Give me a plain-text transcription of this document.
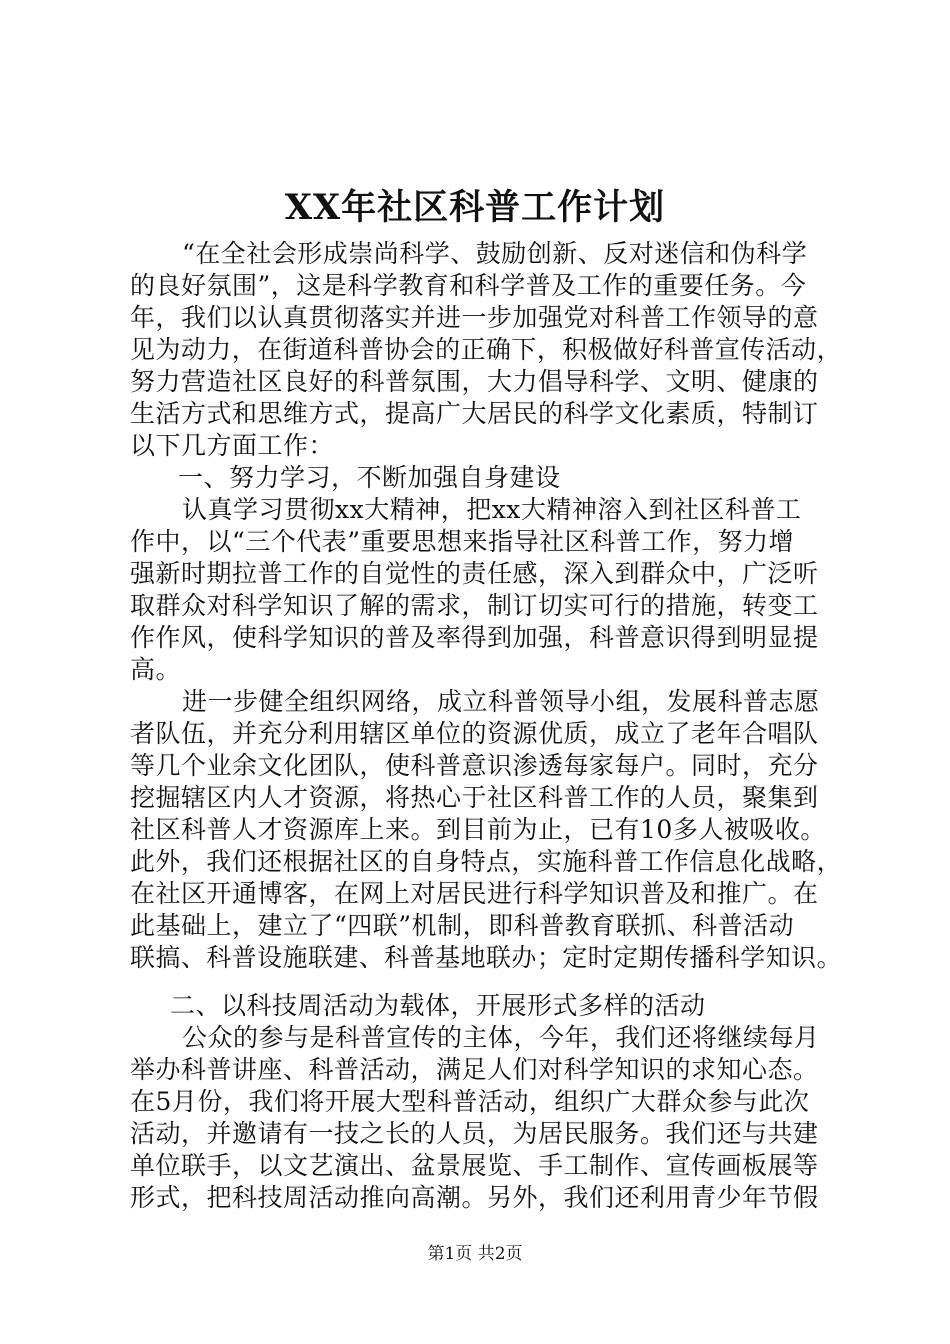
XX年社区科普工作计划
“在全社会形成崇尚科学、鼓励创新、反对迷信和伪科学
的良好氛围”，这是科学教育和科学普及工作的重要任务。今
年，我们以认真贯彻落实并进一步加强党对科普工作领导的意
见为动力，在街道科普协会的正确下，积极做好科普宣传活动，
努力营造社区良好的科普氛围，大力倡导科学、文明、健康的
生活方式和思维方式，提高广大居民的科学文化素质，特制订
以下几方面工作：
一、努力学习，不断加强自身建设
认真学习贯彻xx大精神，把xx大精神溶入到社区科普工
作中，以“三个代表”重要思想来指导社区科普工作，努力增
强新时期拉普工作的自觉性的责任感，深入到群众中，广泛听
取群众对科学知识了解的需求，制订切实可行的措施，转变工
作作风，使科学知识的普及率得到加强，科普意识得到明显提
高。
进一步健全组织网络，成立科普领导小组，发展科普志愿
者队伍，并充分利用辖区单位的资源优质，成立了老年合唱队
等几个业余文化团队，使科普意识渗透每家每户。同时，充分
挖掘辖区内人才资源，将热心于社区科普工作的人员，聚集到
社区科普人才资源库上来。到目前为止，已有10多人被吸收。
此外，我们还根据社区的自身特点，实施科普工作信息化战略，
在社区开通博客，在网上对居民进行科学知识普及和推广。在
此基础上，建立了“四联”机制，即科普教育联抓、科普活动
联搞、科普设施联建、科普基地联办；定时定期传播科学知识。
二、以科技周活动为载体，开展形式多样的活动
公众的参与是科普宣传的主体，今年，我们还将继续每月
举办科普讲座、科普活动，满足人们对科学知识的求知心态。
在5月份，我们将开展大型科普活动，组织广大群众参与此次
活动，并邀请有一技之长的人员，为居民服务。我们还与共建
单位联手，以文艺演出、盆景展览、手工制作、宣传画板展等
形式，把科技周活动推向高潮。另外，我们还利用青少年节假
第1页 共2页
